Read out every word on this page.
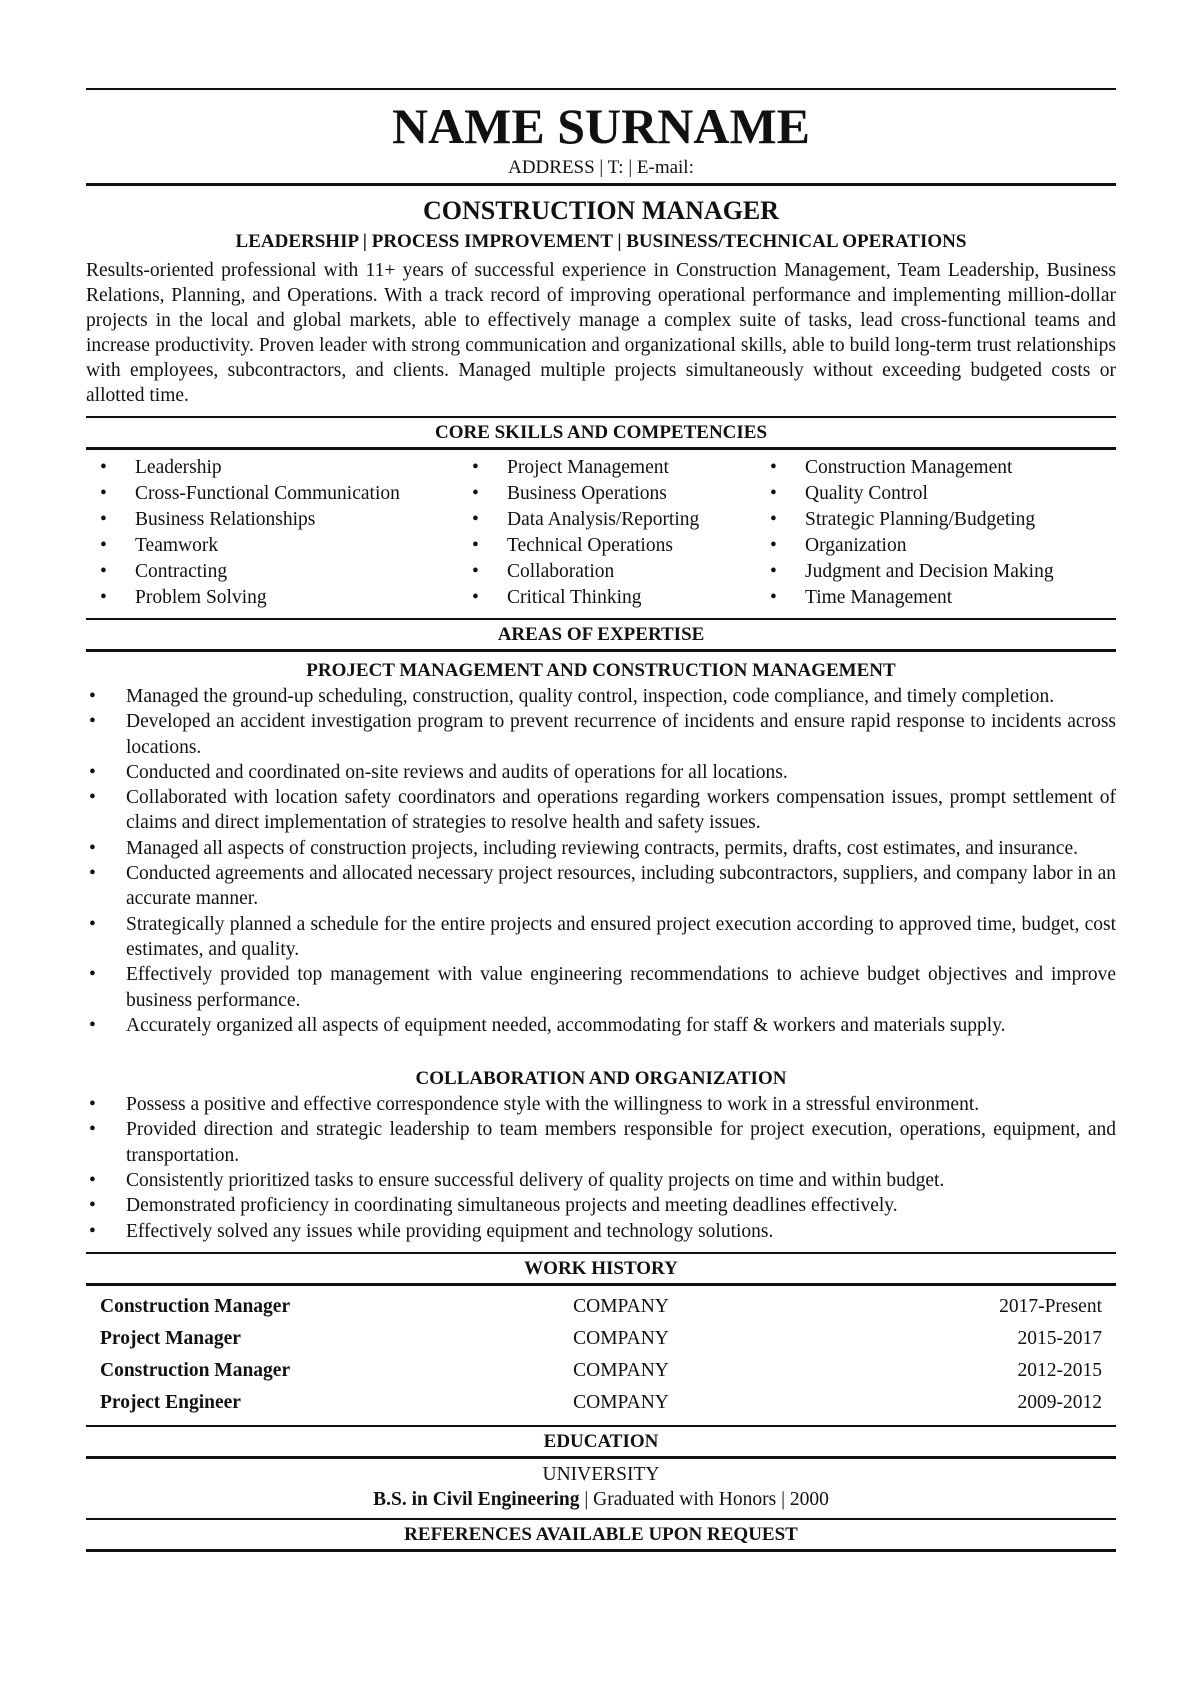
NAME SURNAME
ADDRESS | T: | E-mail:
CONSTRUCTION MANAGER
LEADERSHIP | PROCESS IMPROVEMENT | BUSINESS/TECHNICAL OPERATIONS
Results-oriented professional with 11+ years of successful experience in Construction Management, Team Leadership, Business Relations, Planning, and Operations. With a track record of improving operational performance and implementing million-dollar projects in the local and global markets, able to effectively manage a complex suite of tasks, lead cross-functional teams and increase productivity. Proven leader with strong communication and organizational skills, able to build long-term trust relationships with employees, subcontractors, and clients. Managed multiple projects simultaneously without exceeding budgeted costs or allotted time.
CORE SKILLS AND COMPETENCIES
• Leadership
• Cross-Functional Communication
• Business Relationships
• Teamwork
• Contracting
• Problem Solving
• Project Management
• Business Operations
• Data Analysis/Reporting
• Technical Operations
• Collaboration
• Critical Thinking
• Construction Management
• Quality Control
• Strategic Planning/Budgeting
• Organization
• Judgment and Decision Making
• Time Management
AREAS OF EXPERTISE
PROJECT MANAGEMENT AND CONSTRUCTION MANAGEMENT
• Managed the ground-up scheduling, construction, quality control, inspection, code compliance, and timely completion.
• Developed an accident investigation program to prevent recurrence of incidents and ensure rapid response to incidents across locations.
• Conducted and coordinated on-site reviews and audits of operations for all locations.
• Collaborated with location safety coordinators and operations regarding workers compensation issues, prompt settlement of claims and direct implementation of strategies to resolve health and safety issues.
• Managed all aspects of construction projects, including reviewing contracts, permits, drafts, cost estimates, and insurance.
• Conducted agreements and allocated necessary project resources, including subcontractors, suppliers, and company labor in an accurate manner.
• Strategically planned a schedule for the entire projects and ensured project execution according to approved time, budget, cost estimates, and quality.
• Effectively provided top management with value engineering recommendations to achieve budget objectives and improve business performance.
• Accurately organized all aspects of equipment needed, accommodating for staff & workers and materials supply.
COLLABORATION AND ORGANIZATION
• Possess a positive and effective correspondence style with the willingness to work in a stressful environment.
• Provided direction and strategic leadership to team members responsible for project execution, operations, equipment, and transportation.
• Consistently prioritized tasks to ensure successful delivery of quality projects on time and within budget.
• Demonstrated proficiency in coordinating simultaneous projects and meeting deadlines effectively.
• Effectively solved any issues while providing equipment and technology solutions.
WORK HISTORY
Construction Manager	COMPANY	2017-Present
Project Manager	COMPANY	2015-2017
Construction Manager	COMPANY	2012-2015
Project Engineer	COMPANY	2009-2012
EDUCATION
UNIVERSITY
B.S. in Civil Engineering | Graduated with Honors | 2000
REFERENCES AVAILABLE UPON REQUEST
